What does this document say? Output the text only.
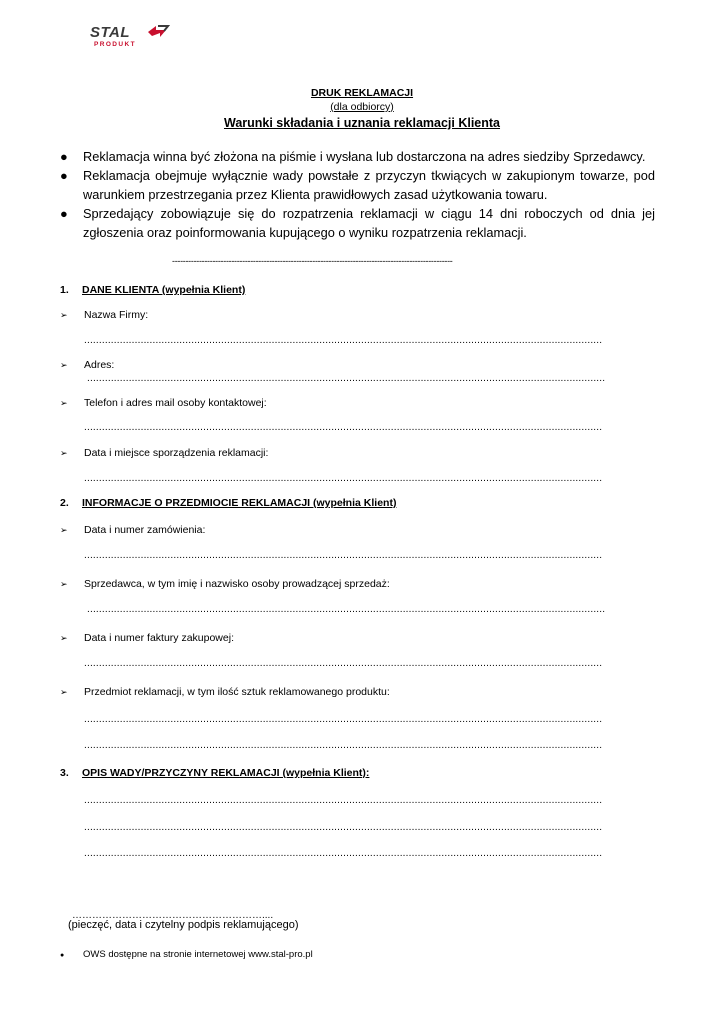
STAL
PRODUKT
DRUK REKLAMACJI
(dla odbiorcy)
Warunki składania i uznania reklamacji Klienta
● Reklamacja winna być złożona na piśmie i wysłana lub dostarczona na adres siedziby Sprzedawcy.
● Reklamacja obejmuje wyłącznie wady powstałe z przyczyn tkwiących w zakupionym towarze, pod warunkiem przestrzegania przez Klienta prawidłowych zasad użytkowania towaru.
● Sprzedający zobowiązuje się do rozpatrzenia reklamacji w ciągu 14 dni roboczych od dnia jej zgłoszenia oraz poinformowania kupującego o wyniku rozpatrzenia reklamacji.
--------------------------------------------------------------------------------------------------------
1. DANE KLIENTA (wypełnia Klient)
➢ Nazwa Firmy:
..............................................................................................................................................................................
➢ Adres:
..............................................................................................................................................................................
➢ Telefon i adres mail osoby kontaktowej:
..............................................................................................................................................................................
➢ Data i miejsce sporządzenia reklamacji:
..............................................................................................................................................................................
2. INFORMACJE O PRZEDMIOCIE REKLAMACJI (wypełnia Klient)
➢ Data i numer zamówienia:
..............................................................................................................................................................................
➢ Sprzedawca, w tym imię i nazwisko osoby prowadzącej sprzedaż:
..............................................................................................................................................................................
➢ Data i numer faktury zakupowej:
..............................................................................................................................................................................
➢ Przedmiot reklamacji, w tym ilość sztuk reklamowanego produktu:
..............................................................................................................................................................................
..............................................................................................................................................................................
3. OPIS WADY/PRZYCZYNY REKLAMACJI (wypełnia Klient):
..............................................................................................................................................................................
..............................................................................................................................................................................
..............................................................................................................................................................................
…………………………………………………....
(pieczęć, data i czytelny podpis reklamującego)
● OWS dostępne na stronie internetowej www.stal-pro.pl
